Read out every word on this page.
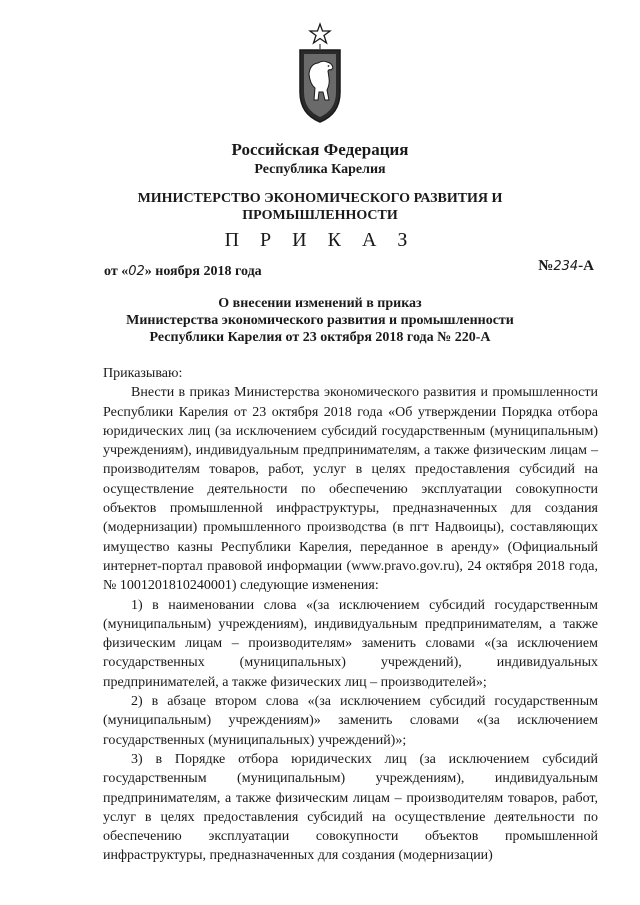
Российская Федерация
Республика Карелия
МИНИСТЕРСТВО ЭКОНОМИЧЕСКОГО РАЗВИТИЯ И
ПРОМЫШЛЕННОСТИ
П Р И К А З
от «02» ноября 2018 года	№234-А
О внесении изменений в приказ
Министерства экономического развития и промышленности
Республики Карелия от 23 октября 2018 года № 220-А

Приказываю:

Внести в приказ Министерства экономического развития и промышленности Республики Карелия от 23 октября 2018 года «Об утверждении Порядка отбора юридических лиц (за исключением субсидий государственным (муниципальным) учреждениям), индивидуальным предпринимателям, а также физическим лицам – производителям товаров, работ, услуг в целях предоставления субсидий на осуществление деятельности по обеспечению эксплуатации совокупности объектов промышленной инфраструктуры, предназначенных для создания (модернизации) промышленного производства (в пгт Надвоицы), составляющих имущество казны Республики Карелия, переданное в аренду» (Официальный интернет-портал правовой информации (www.pravo.gov.ru), 24 октября 2018 года, № 1001201810240001) следующие изменения:

1) в наименовании слова «(за исключением субсидий государственным (муниципальным) учреждениям), индивидуальным предпринимателям, а также физическим лицам – производителям» заменить словами «(за исключением государственных (муниципальных) учреждений), индивидуальных предпринимателей, а также физических лиц – производителей»;

2) в абзаце втором слова «(за исключением субсидий государственным (муниципальным) учреждениям)» заменить словами «(за исключением государственных (муниципальных) учреждений)»;

3) в Порядке отбора юридических лиц (за исключением субсидий государственным (муниципальным) учреждениям), индивидуальным предпринимателям, а также физическим лицам – производителям товаров, работ, услуг в целях предоставления субсидий на осуществление деятельности по обеспечению эксплуатации совокупности объектов промышленной инфраструктуры, предназначенных для создания (модернизации)
